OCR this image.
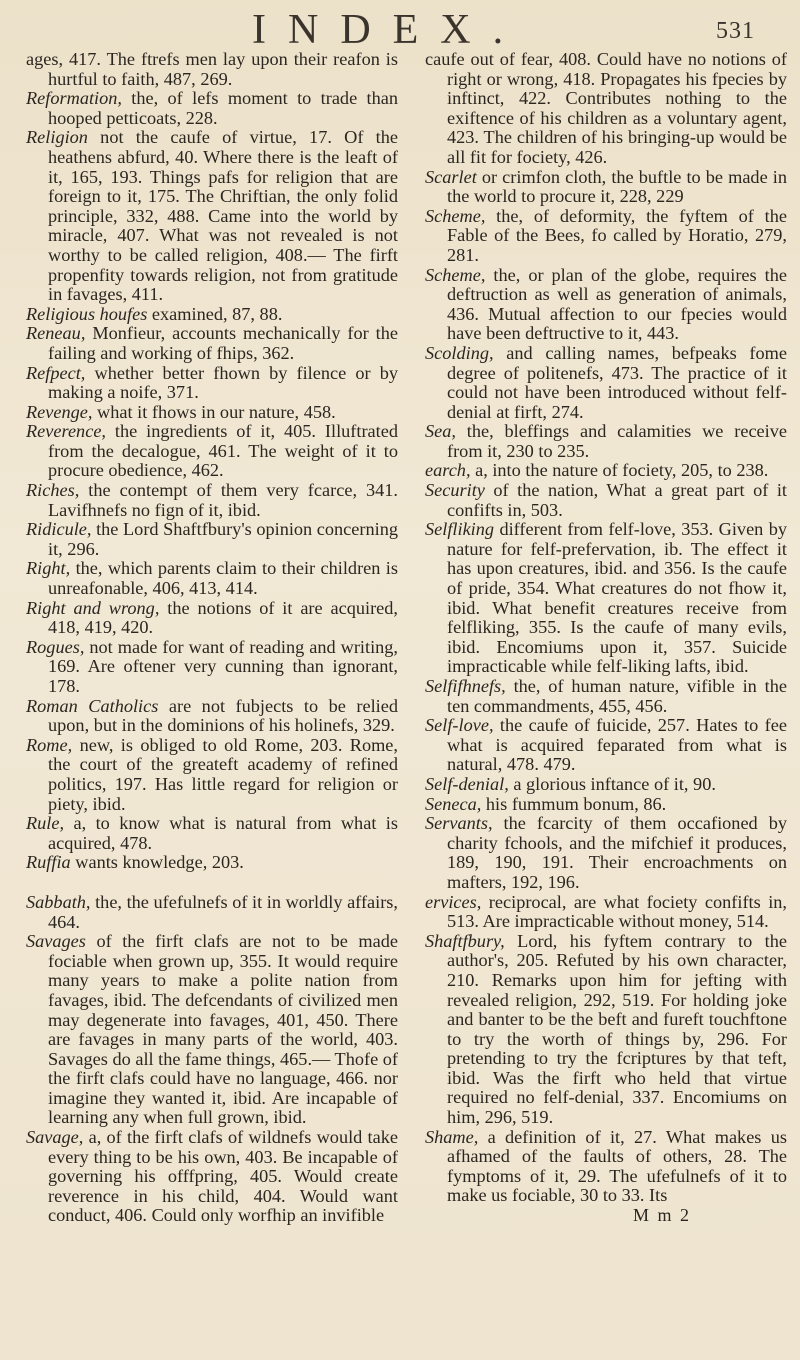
INDEX.	531

ages, 417. The ftrefs men lay upon their reafon is hurtful to faith, 487, 269.

Reformation, the, of lefs moment to trade than hooped petticoats, 228.

Religion not the caufe of virtue, 17. Of the heathens abfurd, 40. Where there is the leaft of it, 165, 193. Things pafs for religion that are foreign to it, 175. The Chriftian, the only folid principle, 332, 488. Came into the world by miracle, 407. What was not revealed is not worthy to be called religion, 408.— The firft propenfity towards religion, not from gratitude in favages, 411.

Religious houfes examined, 87, 88.

Reneau, Monfieur, accounts mechanically for the failing and working of fhips, 362.

Refpect, whether better fhown by filence or by making a noife, 371.

Revenge, what it fhows in our nature, 458.

Reverence, the ingredients of it, 405. Illuftrated from the decalogue, 461. The weight of it to procure obedience, 462.

Riches, the contempt of them very fcarce, 341. Lavifhnefs no fign of it, ibid.

Ridicule, the Lord Shaftfbury's opinion concerning it, 296.

Right, the, which parents claim to their children is unreafonable, 406, 413, 414.

Right and wrong, the notions of it are acquired, 418, 419, 420.

Rogues, not made for want of reading and writing, 169. Are oftener very cunning than ignorant, 178.

Roman Catholics are not fubjects to be relied upon, but in the dominions of his holinefs, 329.

Rome, new, is obliged to old Rome, 203. Rome, the court of the greateft academy of refined politics, 197. Has little regard for religion or piety, ibid.

Rule, a, to know what is natural from what is acquired, 478.

Ruffia wants knowledge, 203.

Sabbath, the, the ufefulnefs of it in worldly affairs, 464.

Savages of the firft clafs are not to be made fociable when grown up, 355. It would require many years to make a polite nation from favages, ibid. The defcendants of civilized men may degenerate into favages, 401, 450. There are favages in many parts of the world, 403. Savages do all the fame things, 465.— Thofe of the firft clafs could have no language, 466. nor imagine they wanted it, ibid. Are incapable of learning any when full grown, ibid.

Savage, a, of the firft clafs of wildnefs would take every thing to be his own, 403. Be incapable of governing his offfpring, 405. Would create reverence in his child, 404. Would want conduct, 406. Could only worfhip an invifible

caufe out of fear, 408. Could have no notions of right or wrong, 418. Propagates his fpecies by inftinct, 422. Contributes nothing to the exiftence of his children as a voluntary agent, 423. The children of his bringing-up would be all fit for fociety, 426.

Scarlet or crimfon cloth, the buftle to be made in the world to procure it, 228, 229

Scheme, the, of deformity, the fyftem of the Fable of the Bees, fo called by Horatio, 279, 281.

Scheme, the, or plan of the globe, requires the deftruction as well as generation of animals, 436. Mutual affection to our fpecies would have been deftructive to it, 443.

Scolding, and calling names, befpeaks fome degree of politenefs, 473. The practice of it could not have been introduced without felf-denial at firft, 274.

Sea, the, bleffings and calamities we receive from it, 230 to 235.

earch, a, into the nature of fociety, 205, to 238.

Security of the nation, What a great part of it confifts in, 503.

Selfliking different from felf-love, 353. Given by nature for felf-prefervation, ib. The effect it has upon creatures, ibid. and 356. Is the caufe of pride, 354. What creatures do not fhow it, ibid. What benefit creatures receive from felfliking, 355. Is the caufe of many evils, ibid. Encomiums upon it, 357. Suicide impracticable while felf-liking lafts, ibid.

Selfifhnefs, the, of human nature, vifible in the ten commandments, 455, 456.

Self-love, the caufe of fuicide, 257. Hates to fee what is acquired feparated from what is natural, 478. 479.

Self-denial, a glorious inftance of it, 90.

Seneca, his fummum bonum, 86.

Servants, the fcarcity of them occafioned by charity fchools, and the mifchief it produces, 189, 190, 191. Their encroachments on mafters, 192, 196.

ervices, reciprocal, are what fociety confifts in, 513. Are impracticable without money, 514.

Shaftfbury, Lord, his fyftem contrary to the author's, 205. Refuted by his own character, 210. Remarks upon him for jefting with revealed religion, 292, 519. For holding joke and banter to be the beft and fureft touchftone to try the worth of things by, 296. For pretending to try the fcriptures by that teft, ibid. Was the firft who held that virtue required no felf-denial, 337. Encomiums on him, 296, 519.

Shame, a definition of it, 27. What makes us afhamed of the faults of others, 28. The fymptoms of it, 29. The ufefulnefs of it to make us fociable, 30 to 33. Its

M m 2
